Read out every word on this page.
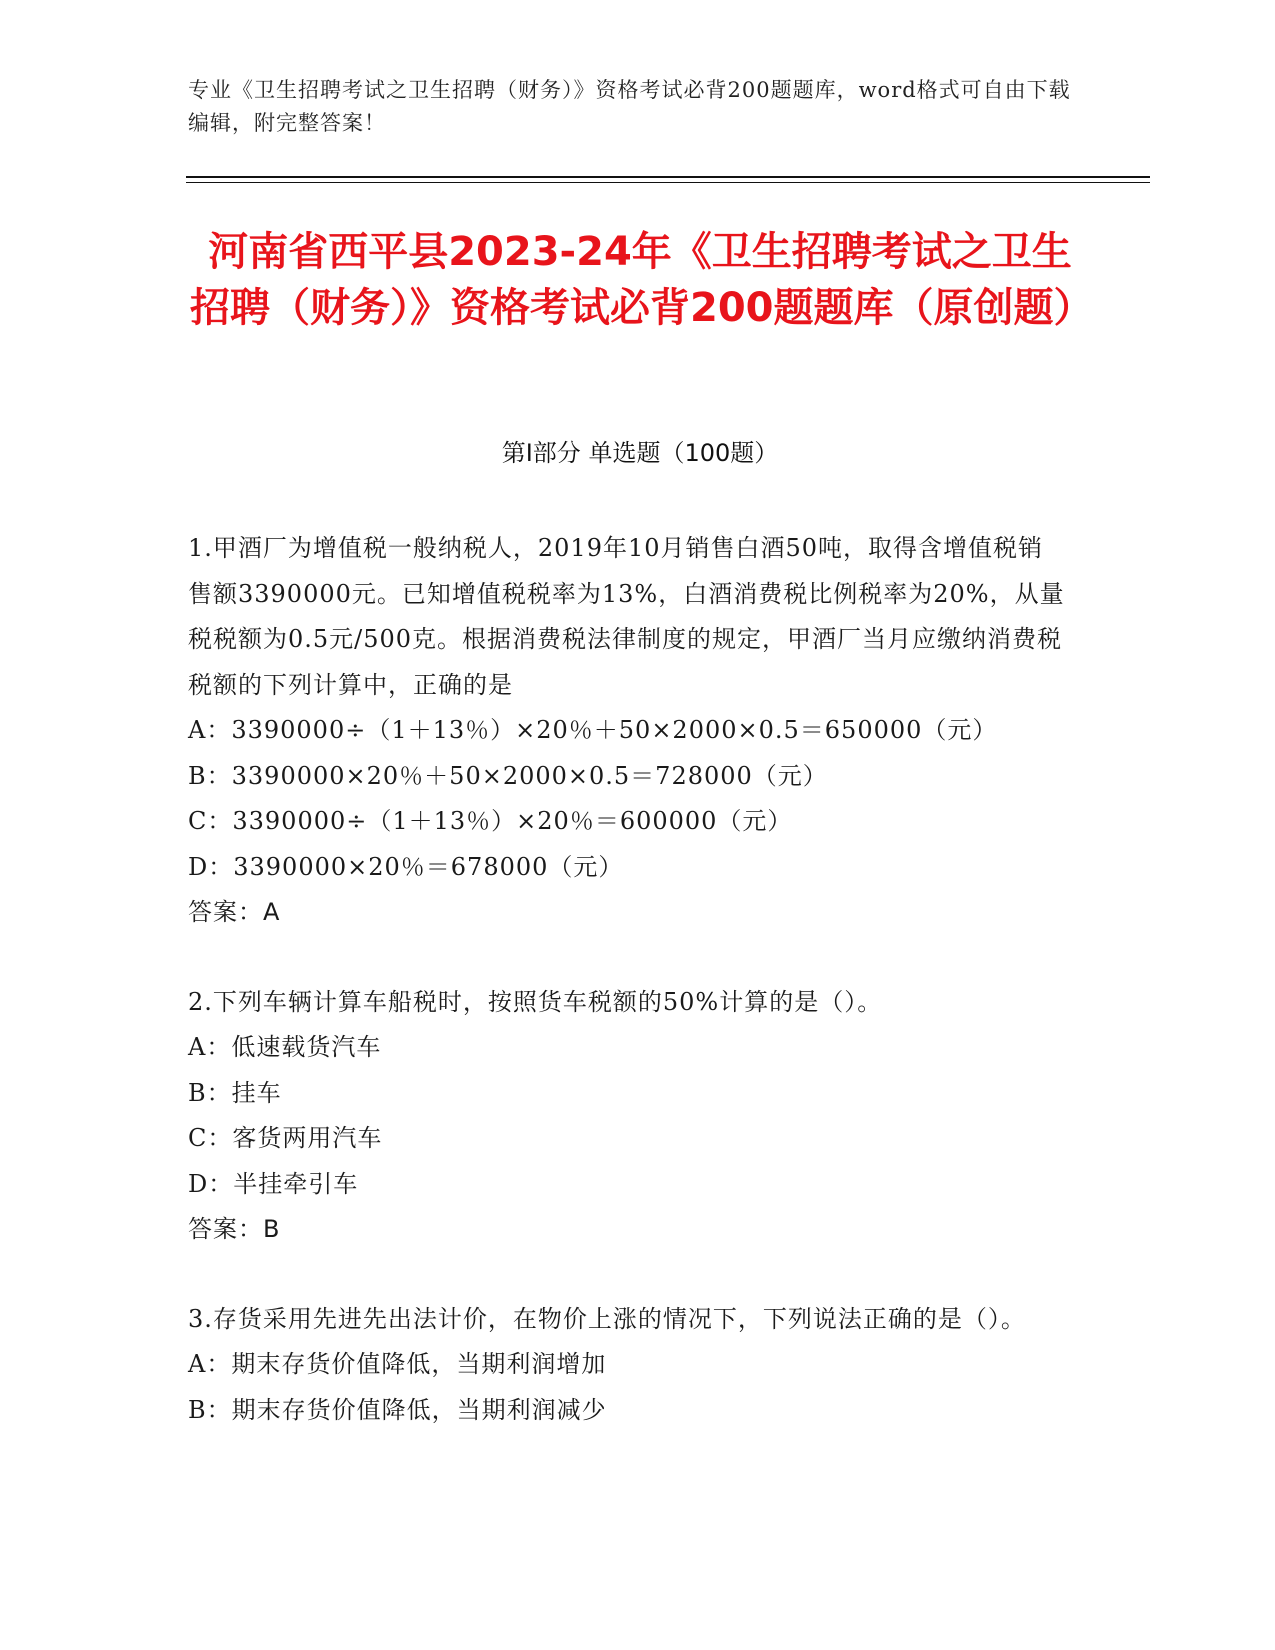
专业《卫生招聘考试之卫生招聘（财务）》资格考试必背200题题库，word格式可自由下载编辑，附完整答案！
河南省西平县2023-24年《卫生招聘考试之卫生招聘（财务）》资格考试必背200题题库（原创题）
第I部分 单选题（100题）

1.甲酒厂为增值税一般纳税人，2019年10月销售白酒50吨，取得含增值税销售额3390000元。已知增值税税率为13%，白酒消费税比例税率为20%，从量税税额为0.5元/500克。根据消费税法律制度的规定，甲酒厂当月应缴纳消费税税额的下列计算中，正确的是

A：3390000÷（1＋13％）×20％＋50×2000×0.5＝650000（元）

B：3390000×20％＋50×2000×0.5＝728000（元）

C：3390000÷（1＋13％）×20％＝600000（元）

D：3390000×20％＝678000（元）

答案：A

2.下列车辆计算车船税时，按照货车税额的50%计算的是（）。

A：低速载货汽车

B：挂车

C：客货两用汽车

D：半挂牵引车

答案：B

3.存货采用先进先出法计价，在物价上涨的情况下，下列说法正确的是（）。

A：期末存货价值降低，当期利润增加

B：期末存货价值降低，当期利润减少
